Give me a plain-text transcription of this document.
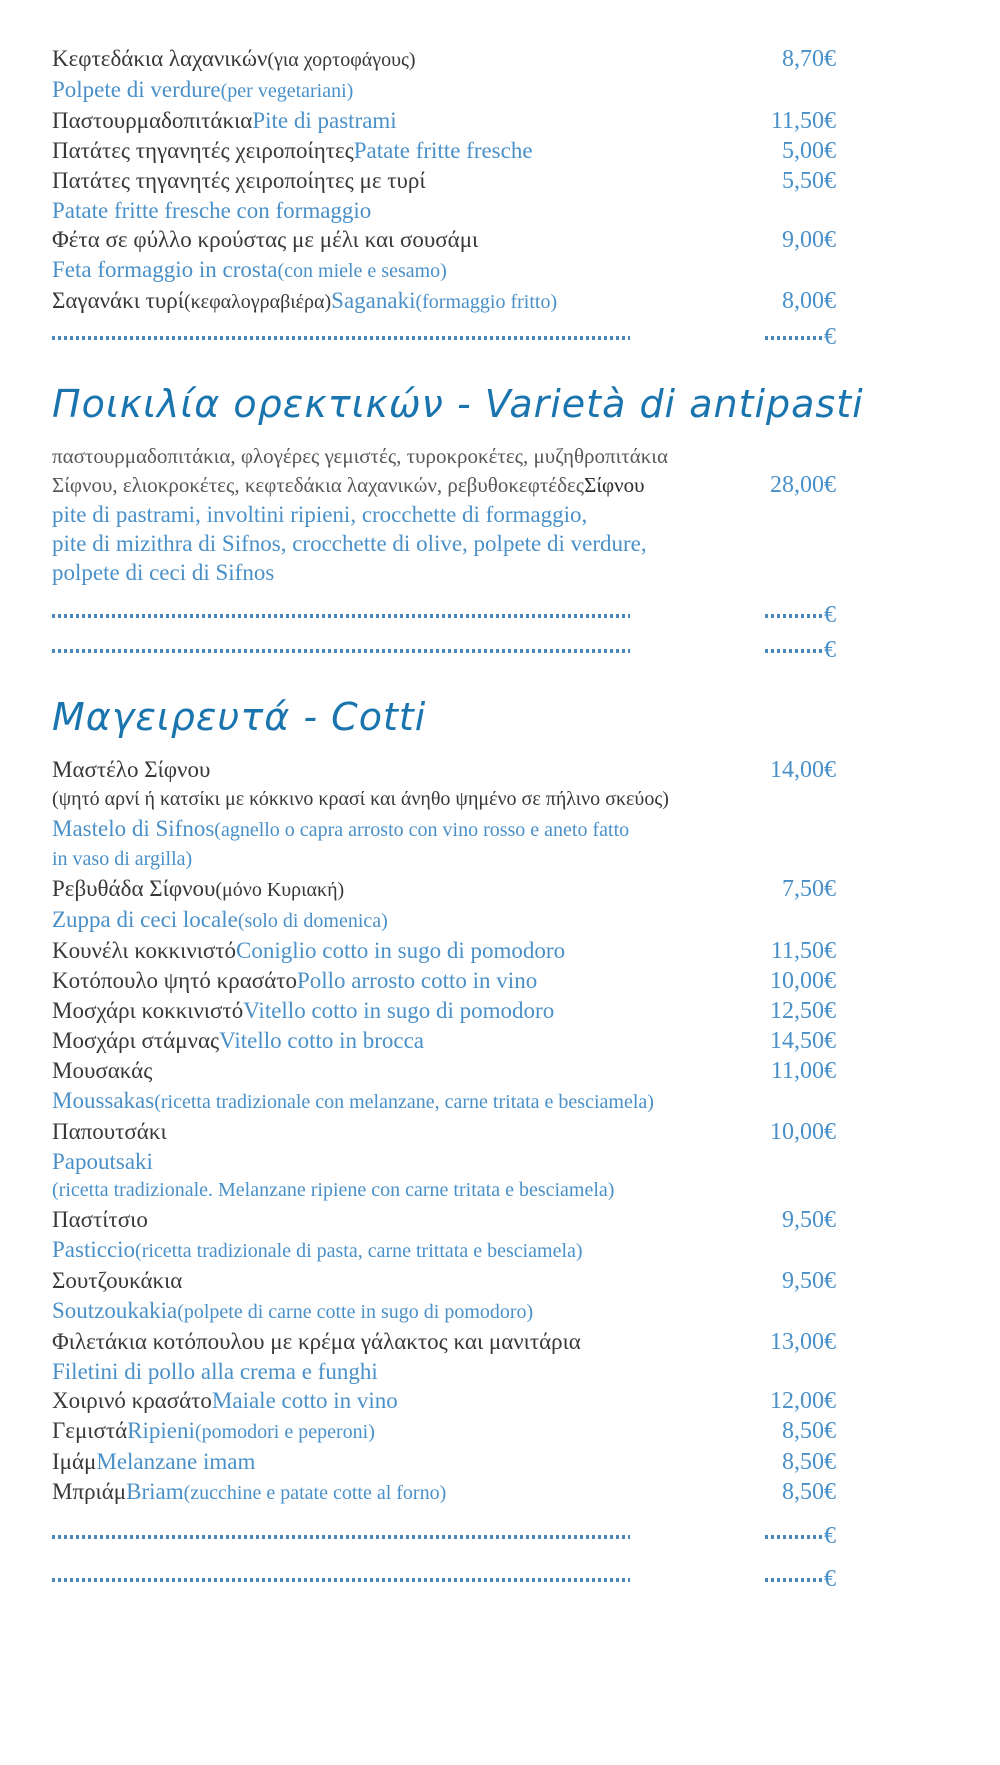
Κεφτεδάκια λαχανικών (για χορτοφάγους)	8,70€
Polpete di verdure (per vegetariani)
Παστουρμαδοπιτάκια Pite di pastrami	11,50€
Πατάτες τηγανητές χειροποίητες Patate fritte fresche	5,00€
Πατάτες τηγανητές χειροποίητες με τυρί	5,50€
Patate fritte fresche con formaggio
Φέτα σε φύλλο κρούστας με μέλι και σουσάμι	9,00€
Feta formaggio in crosta (con miele e sesamo)
Σαγανάκι τυρί (κεφαλογραβιέρα) Saganaki (formaggio fritto)	8,00€
€
Ποικιλία ορεκτικών - Varietà di antipasti
παστουρμαδοπιτάκια, φλογέρες γεμιστές, τυροκροκέτες, μυζηθροπιτάκια
Σίφνου, ελιοκροκέτες, κεφτεδάκια λαχανικών, ρεβυθοκεφτέδες Σίφνου	28,00€
pite di pastrami, involtini ripieni, crocchette di formaggio,
pite di mizithra di Sifnos, crocchette di olive, polpete di verdure,
polpete di ceci di Sifnos
€
€
Μαγειρευτά - Cotti
Μαστέλο Σίφνου	14,00€
(ψητό αρνί ή κατσίκι με κόκκινο κρασί και άνηθο ψημένο σε πήλινο σκεύος)
Mastelo di Sifnos (agnello o capra arrosto con vino rosso e aneto fatto
in vaso di argilla)
Ρεβυθάδα Σίφνου (μόνο Κυριακή)	7,50€
Zuppa di ceci locale (solo di domenica)
Κουνέλι κοκκινιστό Coniglio cotto in sugo di pomodoro	11,50€
Κοτόπουλο ψητό κρασάτο Pollo arrosto cotto in vino	10,00€
Μοσχάρι κοκκινιστό Vitello cotto in sugo di pomodoro	12,50€
Μοσχάρι στάμνας Vitello cotto in brocca	14,50€
Μουσακάς	11,00€
Moussakas (ricetta tradizionale con melanzane, carne tritata e besciamela)
Παπουτσάκι	10,00€
Papoutsaki
(ricetta tradizionale. Melanzane ripiene con carne tritata e besciamela)
Παστίτσιο	9,50€
Pasticcio (ricetta tradizionale di pasta, carne trittata e besciamela)
Σουτζουκάκια	9,50€
Soutzoukakia (polpete di carne cotte in sugo di pomodoro)
Φιλετάκια κοτόπουλου με κρέμα γάλακτος και μανιτάρια	13,00€
Filetini di pollo alla crema e funghi
Χοιρινό κρασάτο Maiale cotto in vino	12,00€
Γεμιστά Ripieni (pomodori e peperoni)	8,50€
Ιμάμ Melanzane imam	8,50€
Μπριάμ Briam (zucchine e patate cotte al forno)	8,50€
€
€
